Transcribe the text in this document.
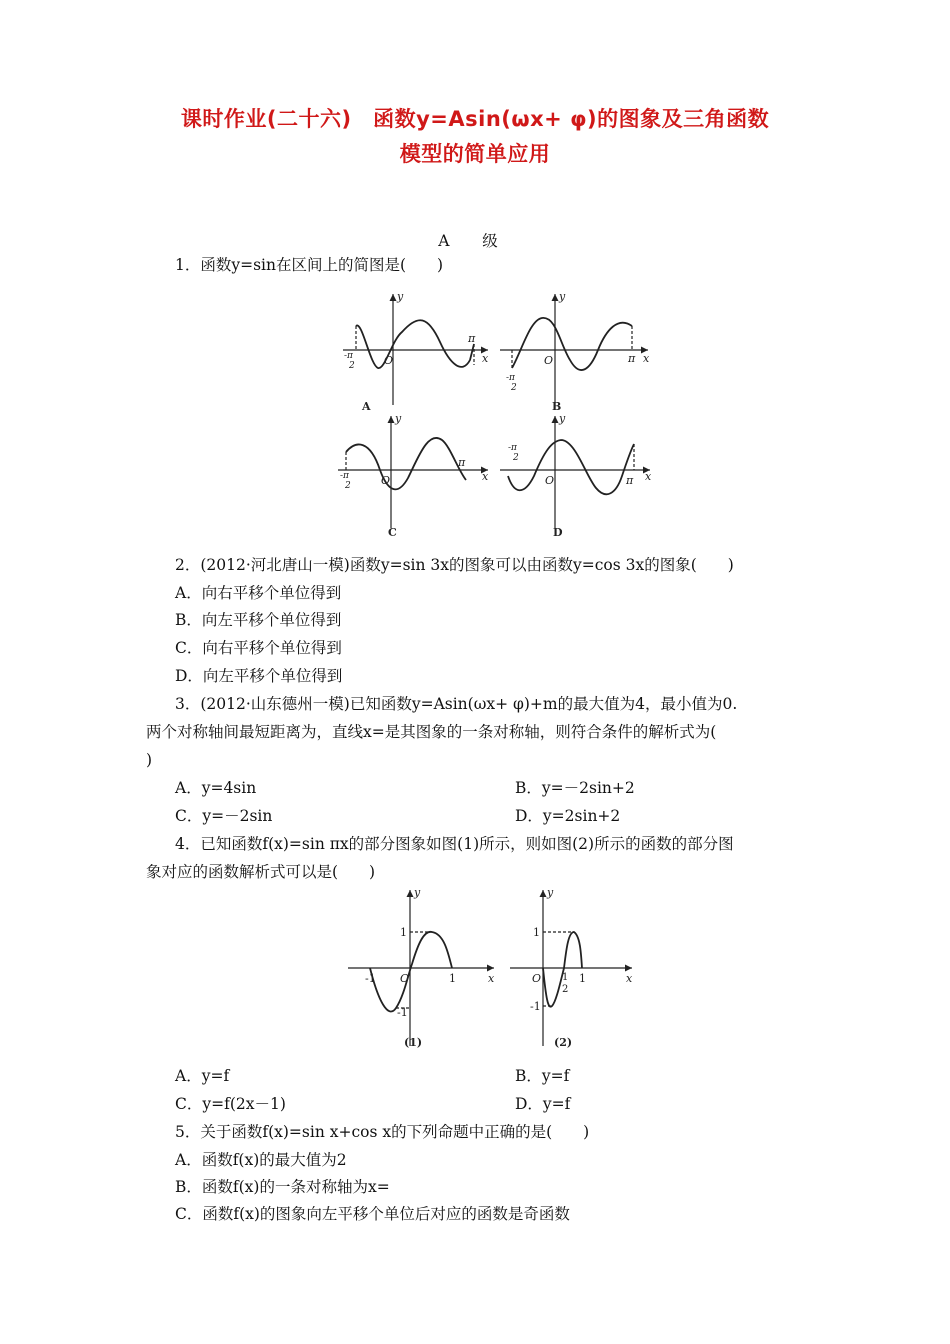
课时作业(二十六)　函数y=Asin(ωx+ φ)的图象及三角函数
模型的简单应用
A 级
1．函数y=sin在区间上的简图是(　　)
y
x
O
π
-π
2
y
x
O	π
-π
2
y
x
O
π
-π
2
y
x
O	π
-π
2
A	B
C	D
2．(2012·河北唐山一模)函数y=sin 3x的图象可以由函数y=cos 3x的图象(　　)
A．向右平移个单位得到
B．向左平移个单位得到
C．向右平移个单位得到
D．向左平移个单位得到
3．(2012·山东德州一模)已知函数y=Asin(ωx+ φ)+m的最大值为4，最小值为0.
两个对称轴间最短距离为，直线x=是其图象的一条对称轴，则符合条件的解析式为(
)
A．y=4sin	B．y=－2sin+2
C．y=－2sin	D．y=2sin+2
4．已知函数f(x)=sin πx的部分图象如图(1)所示，则如图(2)所示的函数的部分图
象对应的函数解析式可以是(　　)
y
x
O
1
-1
-1	1
y
x
O
1
-1
1
2
1
(1)	(2)
A．y=f	B．y=f
C．y=f(2x－1)	D．y=f
5．关于函数f(x)=sin x+cos x的下列命题中正确的是(　　)
A．函数f(x)的最大值为2
B．函数f(x)的一条对称轴为x=
C．函数f(x)的图象向左平移个单位后对应的函数是奇函数
